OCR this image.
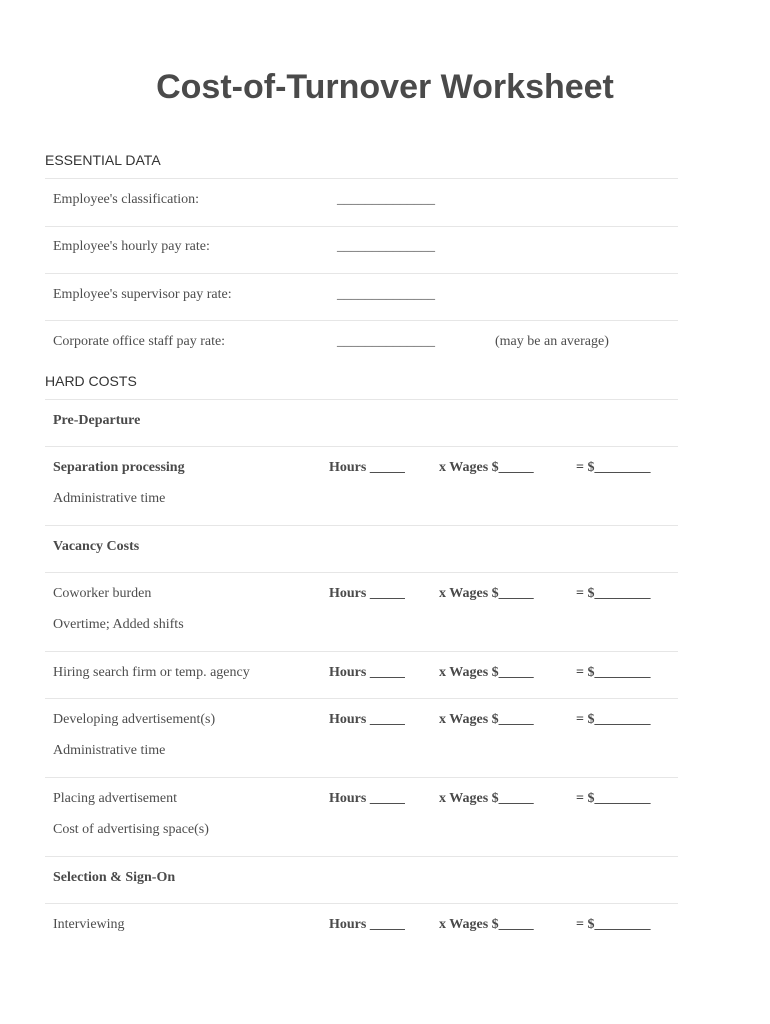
Cost-of-Turnover Worksheet
ESSENTIAL DATA
Employee's classification:	______________
Employee's hourly pay rate:	______________
Employee's supervisor pay rate:	______________
Corporate office staff pay rate:	______________	(may be an average)
HARD COSTS
Pre-Departure
Separation processing	Hours _____ x Wages $_____	= $________
Administrative time
Vacancy Costs
Coworker burden	Hours _____ x Wages $_____	= $________
Overtime; Added shifts
Hiring search firm or temp. agency	Hours _____ x Wages $_____	= $________
Developing advertisement(s)	Hours _____ x Wages $_____	= $________
Administrative time
Placing advertisement	Hours _____ x Wages $_____	= $________
Cost of advertising space(s)
Selection & Sign-On
Interviewing	Hours _____ x Wages $_____	= $________
